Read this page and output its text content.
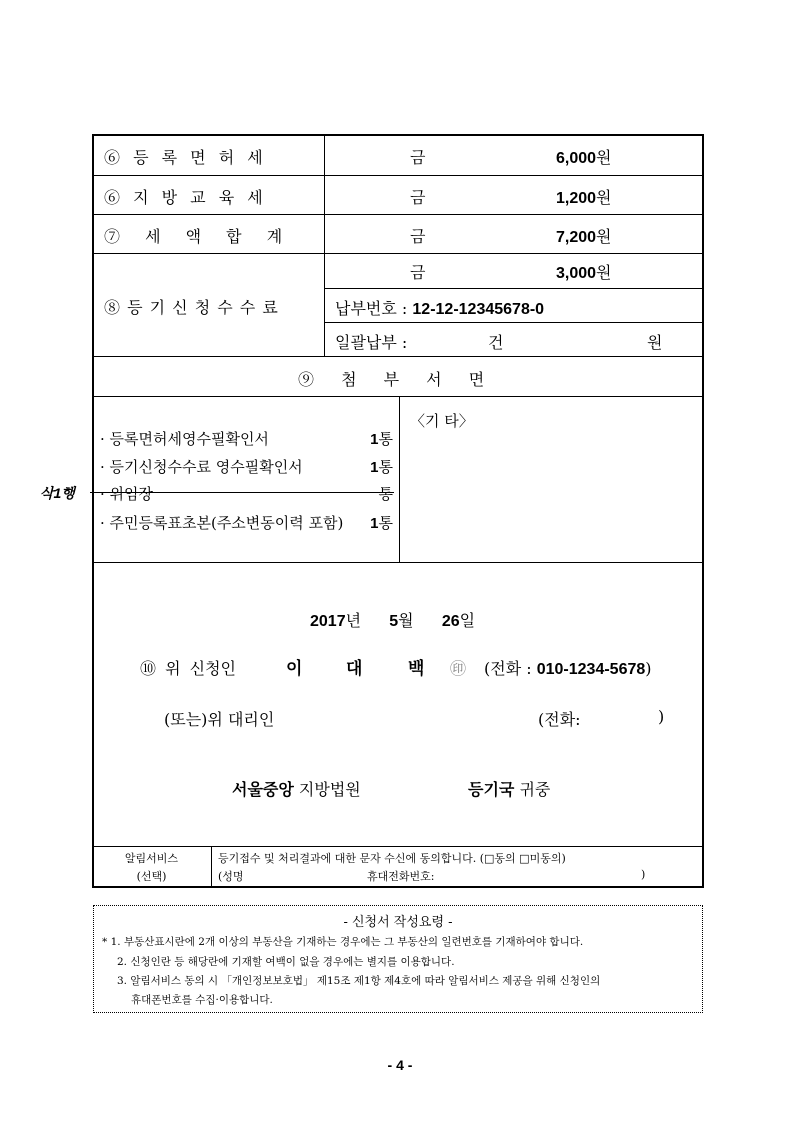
⑥ 등 록 면 허 세	금	6,000원
⑥ 지 방 교 육 세	금	1,200원
⑦ 세 액 합 계	금	7,200원
⑧ 등 기 신 청 수 수 료
금	3,000원
납부번호 : 12-12-12345678-0
일괄납부 :	건	원
⑨ 첨 부 서 면
· 등록면허세영수필확인서	1통
· 등기신청수수료 영수필확인서	1통
· 위임장	통
삭1행
· 주민등록표초본(주소변동이력 포함) 1통
〈기 타〉
2017년 5월 26일
⑩ 위 신청인	이	대	백 ㊞ (전화 : 010-1234-5678)
(또는)위 대리인	(전화:	)
서울중앙 지방법원	등기국 귀중
알림서비스
(선택)
등기접수 및 처리결과에 대한 문자 수신에 동의합니다. (□동의 □미동의)
(성명	휴대전화번호:	)
- 신청서 작성요령 -
* 1. 부동산표시란에 2개 이상의 부동산을 기재하는 경우에는 그 부동산의 일련번호를 기재하여야 합니다.
2. 신청인란 등 해당란에 기재할 여백이 없을 경우에는 별지를 이용합니다.
3. 알림서비스 동의 시 「개인정보보호법」 제15조 제1항 제4호에 따라 알림서비스 제공을 위해 신청인의
휴대폰번호를 수집·이용합니다.
- 4 -
